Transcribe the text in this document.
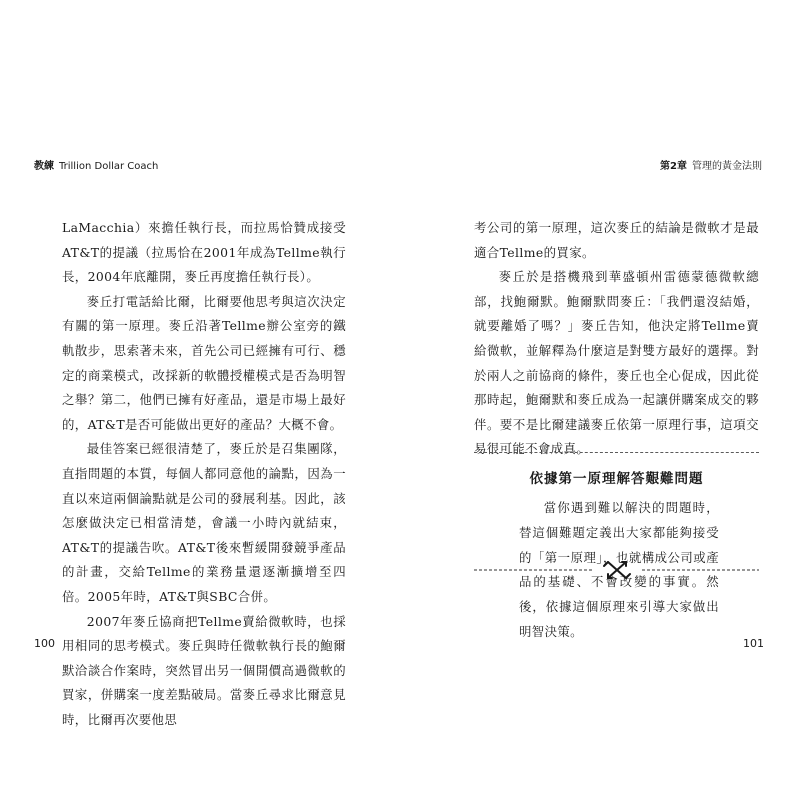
教練 Trillion Dollar Coach

LaMacchia）來擔任執行長，而拉馬恰贊成接受AT&T的提議（拉馬恰在2001年成為Tellme執行長，2004年底離開，麥丘再度擔任執行長）。

麥丘打電話給比爾，比爾要他思考與這次決定有關的第一原理。麥丘沿著Tellme辦公室旁的鐵軌散步，思索著未來，首先公司已經擁有可行、穩定的商業模式，改採新的軟體授權模式是否為明智之舉？第二，他們已擁有好產品，還是市場上最好的，AT&T是否可能做出更好的產品？大概不會。

最佳答案已經很清楚了，麥丘於是召集團隊，直指問題的本質，每個人都同意他的論點，因為一直以來這兩個論點就是公司的發展利基。因此，該怎麼做決定已相當清楚，會議一小時內就結束，AT&T的提議告吹。AT&T後來暫緩開發競爭產品的計畫，交給Tellme的業務量還逐漸擴增至四倍。2005年時，AT&T與SBC合併。

2007年麥丘協商把Tellme賣給微軟時，也採用相同的思考模式。麥丘與時任微軟執行長的鮑爾默洽談合作案時，突然冒出另一個開價高過微軟的買家，併購案一度差點破局。當麥丘尋求比爾意見時，比爾再次要他思

100
第2章 管理的黃金法則

考公司的第一原理，這次麥丘的結論是微軟才是最適合Tellme的買家。

麥丘於是搭機飛到華盛頓州雷德蒙德微軟總部，找鮑爾默。鮑爾默問麥丘：「我們還沒結婚，就要離婚了嗎？」麥丘告知，他決定將Tellme賣給微軟，並解釋為什麼這是對雙方最好的選擇。對於兩人之前協商的條件，麥丘也全心促成，因此從那時起，鮑爾默和麥丘成為一起讓併購案成交的夥伴。要不是比爾建議麥丘依第一原理行事，這項交易很可能不會成真。

依據第一原理解答艱難問題

當你遇到難以解決的問題時，替這個難題定義出大家都能夠接受的「第一原理」，也就構成公司或產品的基礎、不會改變的事實。然後，依據這個原理來引導大家做出明智決策。

101
